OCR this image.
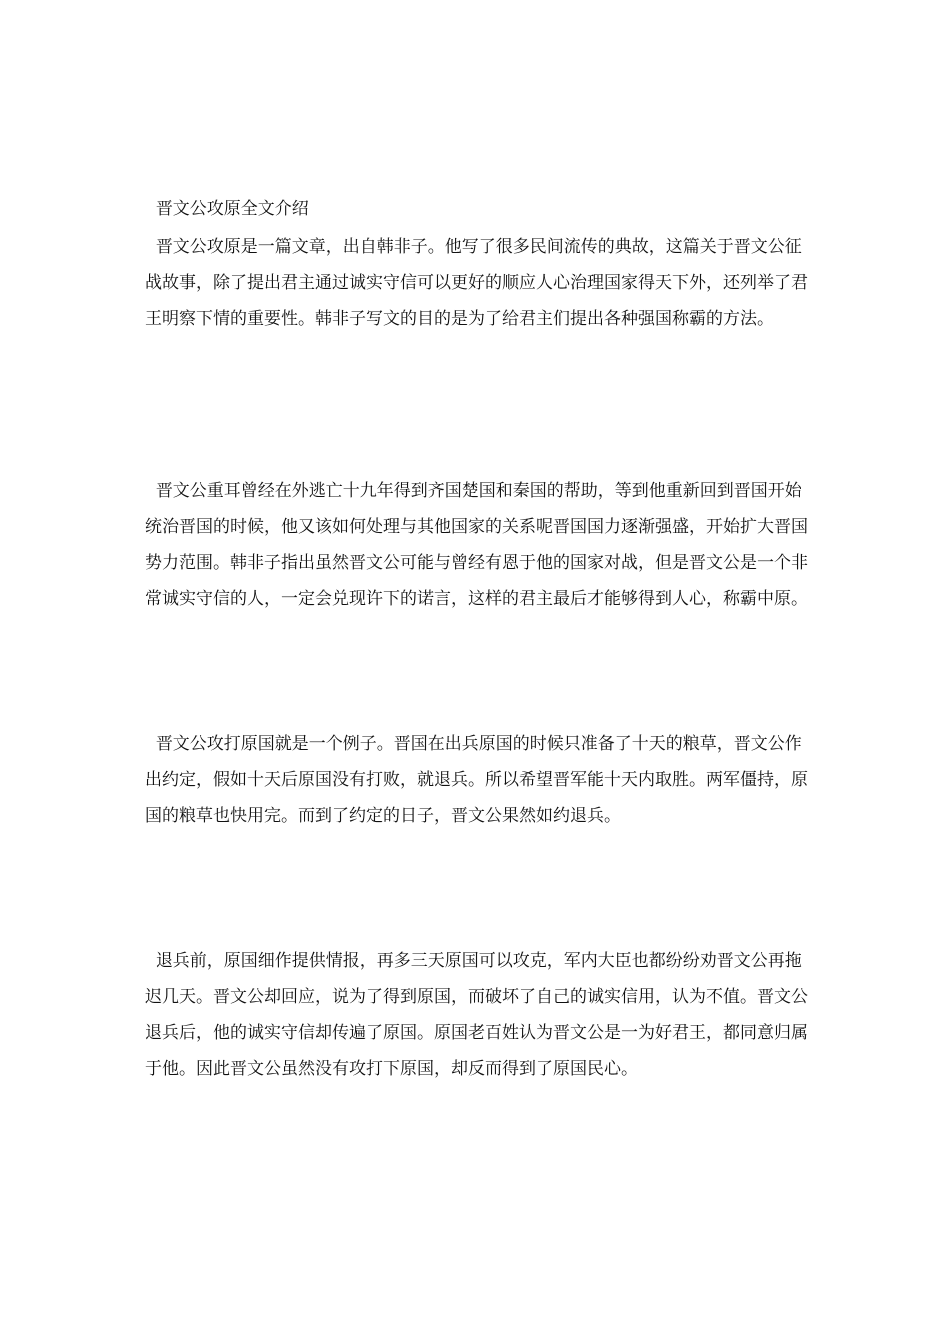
晋文公攻原全文介绍

晋文公攻原是一篇文章，出自韩非子。他写了很多民间流传的典故，这篇关于晋文公征战故事，除了提出君主通过诚实守信可以更好的顺应人心治理国家得天下外，还列举了君王明察下情的重要性。韩非子写文的目的是为了给君主们提出各种强国称霸的方法。

晋文公重耳曾经在外逃亡十九年得到齐国楚国和秦国的帮助，等到他重新回到晋国开始统治晋国的时候，他又该如何处理与其他国家的关系呢晋国国力逐渐强盛，开始扩大晋国势力范围。韩非子指出虽然晋文公可能与曾经有恩于他的国家对战，但是晋文公是一个非常诚实守信的人，一定会兑现许下的诺言，这样的君主最后才能够得到人心，称霸中原。

晋文公攻打原国就是一个例子。晋国在出兵原国的时候只准备了十天的粮草，晋文公作出约定，假如十天后原国没有打败，就退兵。所以希望晋军能十天内取胜。两军僵持，原国的粮草也快用完。而到了约定的日子，晋文公果然如约退兵。

退兵前，原国细作提供情报，再多三天原国可以攻克，军内大臣也都纷纷劝晋文公再拖迟几天。晋文公却回应，说为了得到原国，而破坏了自己的诚实信用，认为不值。晋文公退兵后，他的诚实守信却传遍了原国。原国老百姓认为晋文公是一为好君王，都同意归属于他。因此晋文公虽然没有攻打下原国，却反而得到了原国民心。
